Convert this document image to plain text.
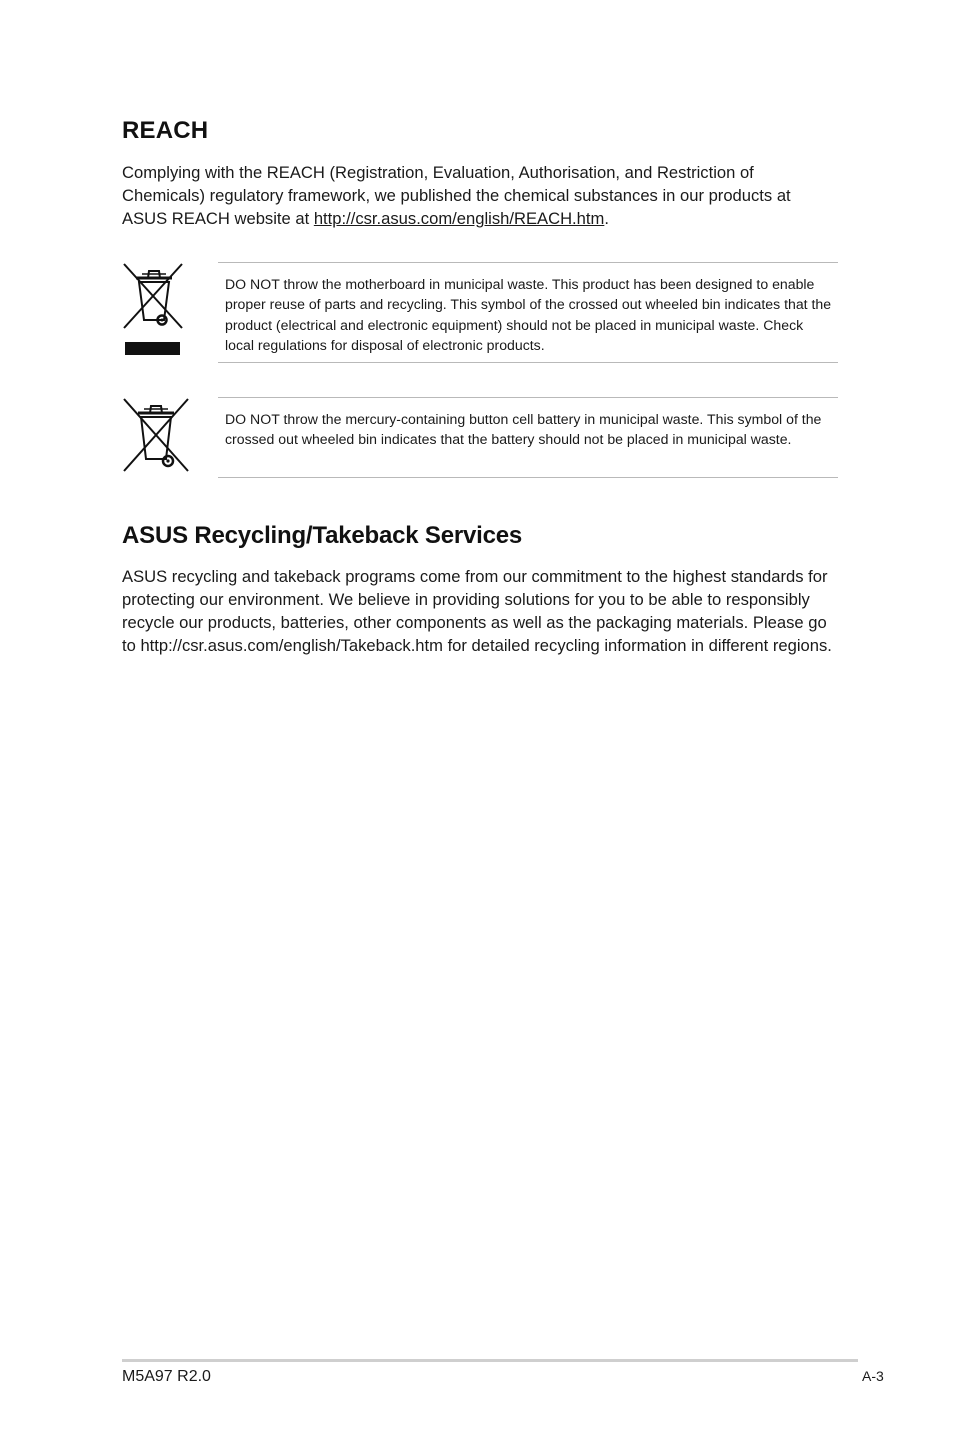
REACH

Complying with the REACH (Registration, Evaluation, Authorisation, and Restriction of Chemicals) regulatory framework, we published the chemical substances in our products at ASUS REACH website at http://csr.asus.com/english/REACH.htm.

DO NOT throw the motherboard in municipal waste. This product has been designed to enable proper reuse of parts and recycling. This symbol of the crossed out wheeled bin indicates that the product (electrical and electronic equipment) should not be placed in municipal waste. Check local regulations for disposal of electronic products.

DO NOT throw the mercury-containing button cell battery in municipal waste. This symbol of the crossed out wheeled bin indicates that the battery should not be placed in municipal waste.

ASUS Recycling/Takeback Services

ASUS recycling and takeback programs come from our commitment to the highest standards for protecting our environment. We believe in providing solutions for you to be able to responsibly recycle our products, batteries, other components as well as the packaging materials. Please go to http://csr.asus.com/english/Takeback.htm for detailed recycling information in different regions.

M5A97 R2.0	A-3
